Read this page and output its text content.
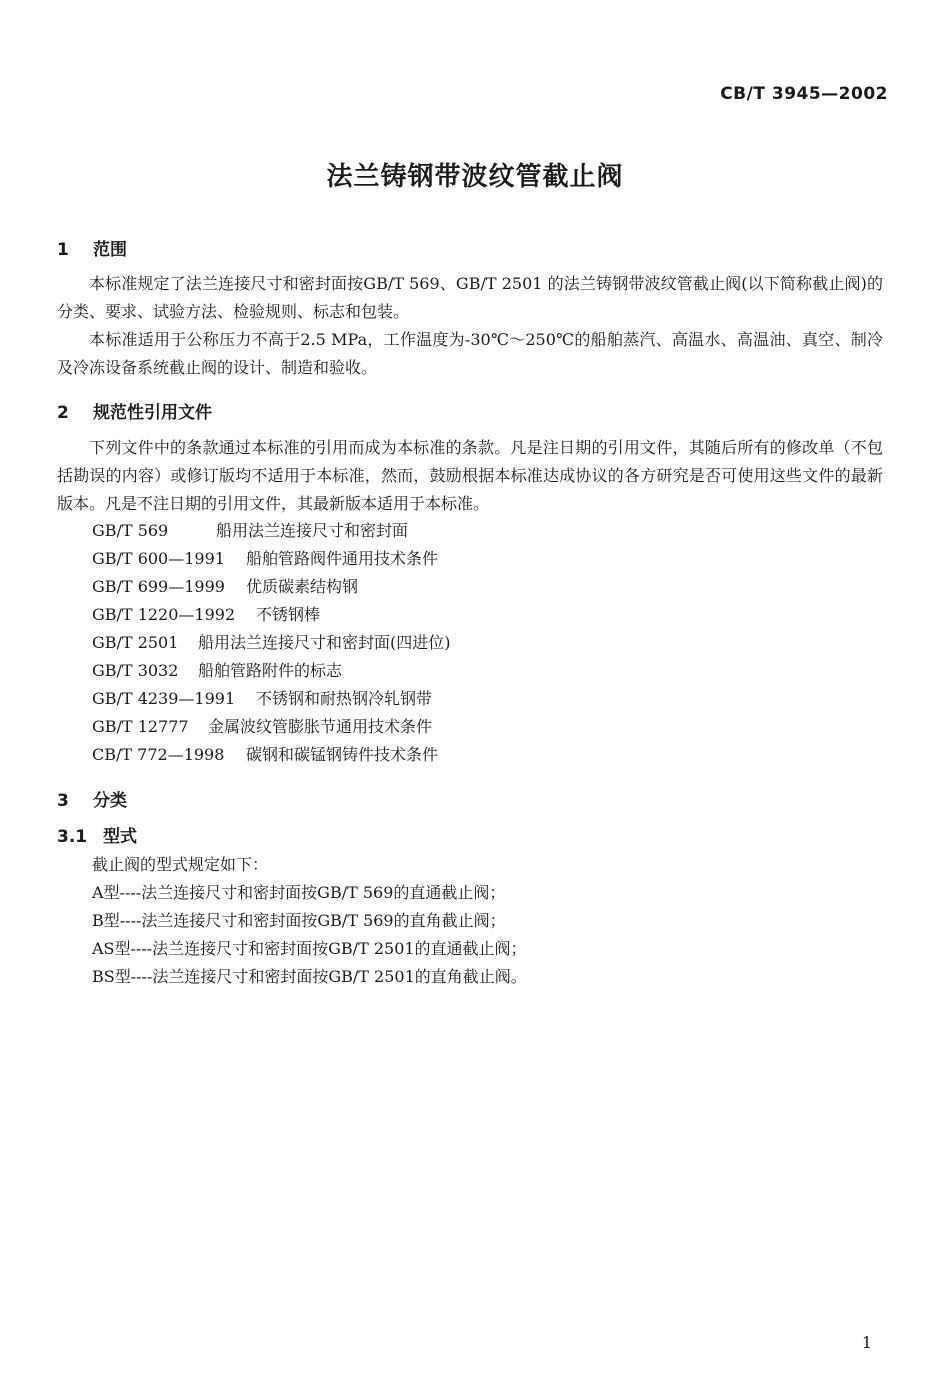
CB/T 3945—2002
法兰铸钢带波纹管截止阀
1 范围
本标准规定了法兰连接尺寸和密封面按GB/T 569、GB/T 2501 的法兰铸钢带波纹管截止阀(以下简称截止阀)的分类、要求、试验方法、检验规则、标志和包装。
本标准适用于公称压力不高于2.5 MPa，工作温度为-30℃～250℃的船舶蒸汽、高温水、高温油、真空、制冷及冷冻设备系统截止阀的设计、制造和验收。
2 规范性引用文件
下列文件中的条款通过本标准的引用而成为本标准的条款。凡是注日期的引用文件，其随后所有的修改单（不包括勘误的内容）或修订版均不适用于本标准，然而，鼓励根据本标准达成协议的各方研究是否可使用这些文件的最新版本。凡是不注日期的引用文件，其最新版本适用于本标准。
GB/T 569	船用法兰连接尺寸和密封面
GB/T 600—1991 船舶管路阀件通用技术条件
GB/T 699—1999 优质碳素结构钢
GB/T 1220—1992 不锈钢棒
GB/T 2501 船用法兰连接尺寸和密封面(四进位)
GB/T 3032 船舶管路附件的标志
GB/T 4239—1991 不锈钢和耐热钢冷轧钢带
GB/T 12777 金属波纹管膨胀节通用技术条件
CB/T 772—1998 碳钢和碳锰钢铸件技术条件
3 分类
3.1 型式
截止阀的型式规定如下：
A型----法兰连接尺寸和密封面按GB/T 569的直通截止阀；
B型----法兰连接尺寸和密封面按GB/T 569的直角截止阀；
AS型----法兰连接尺寸和密封面按GB/T 2501的直通截止阀；
BS型----法兰连接尺寸和密封面按GB/T 2501的直角截止阀。
1
